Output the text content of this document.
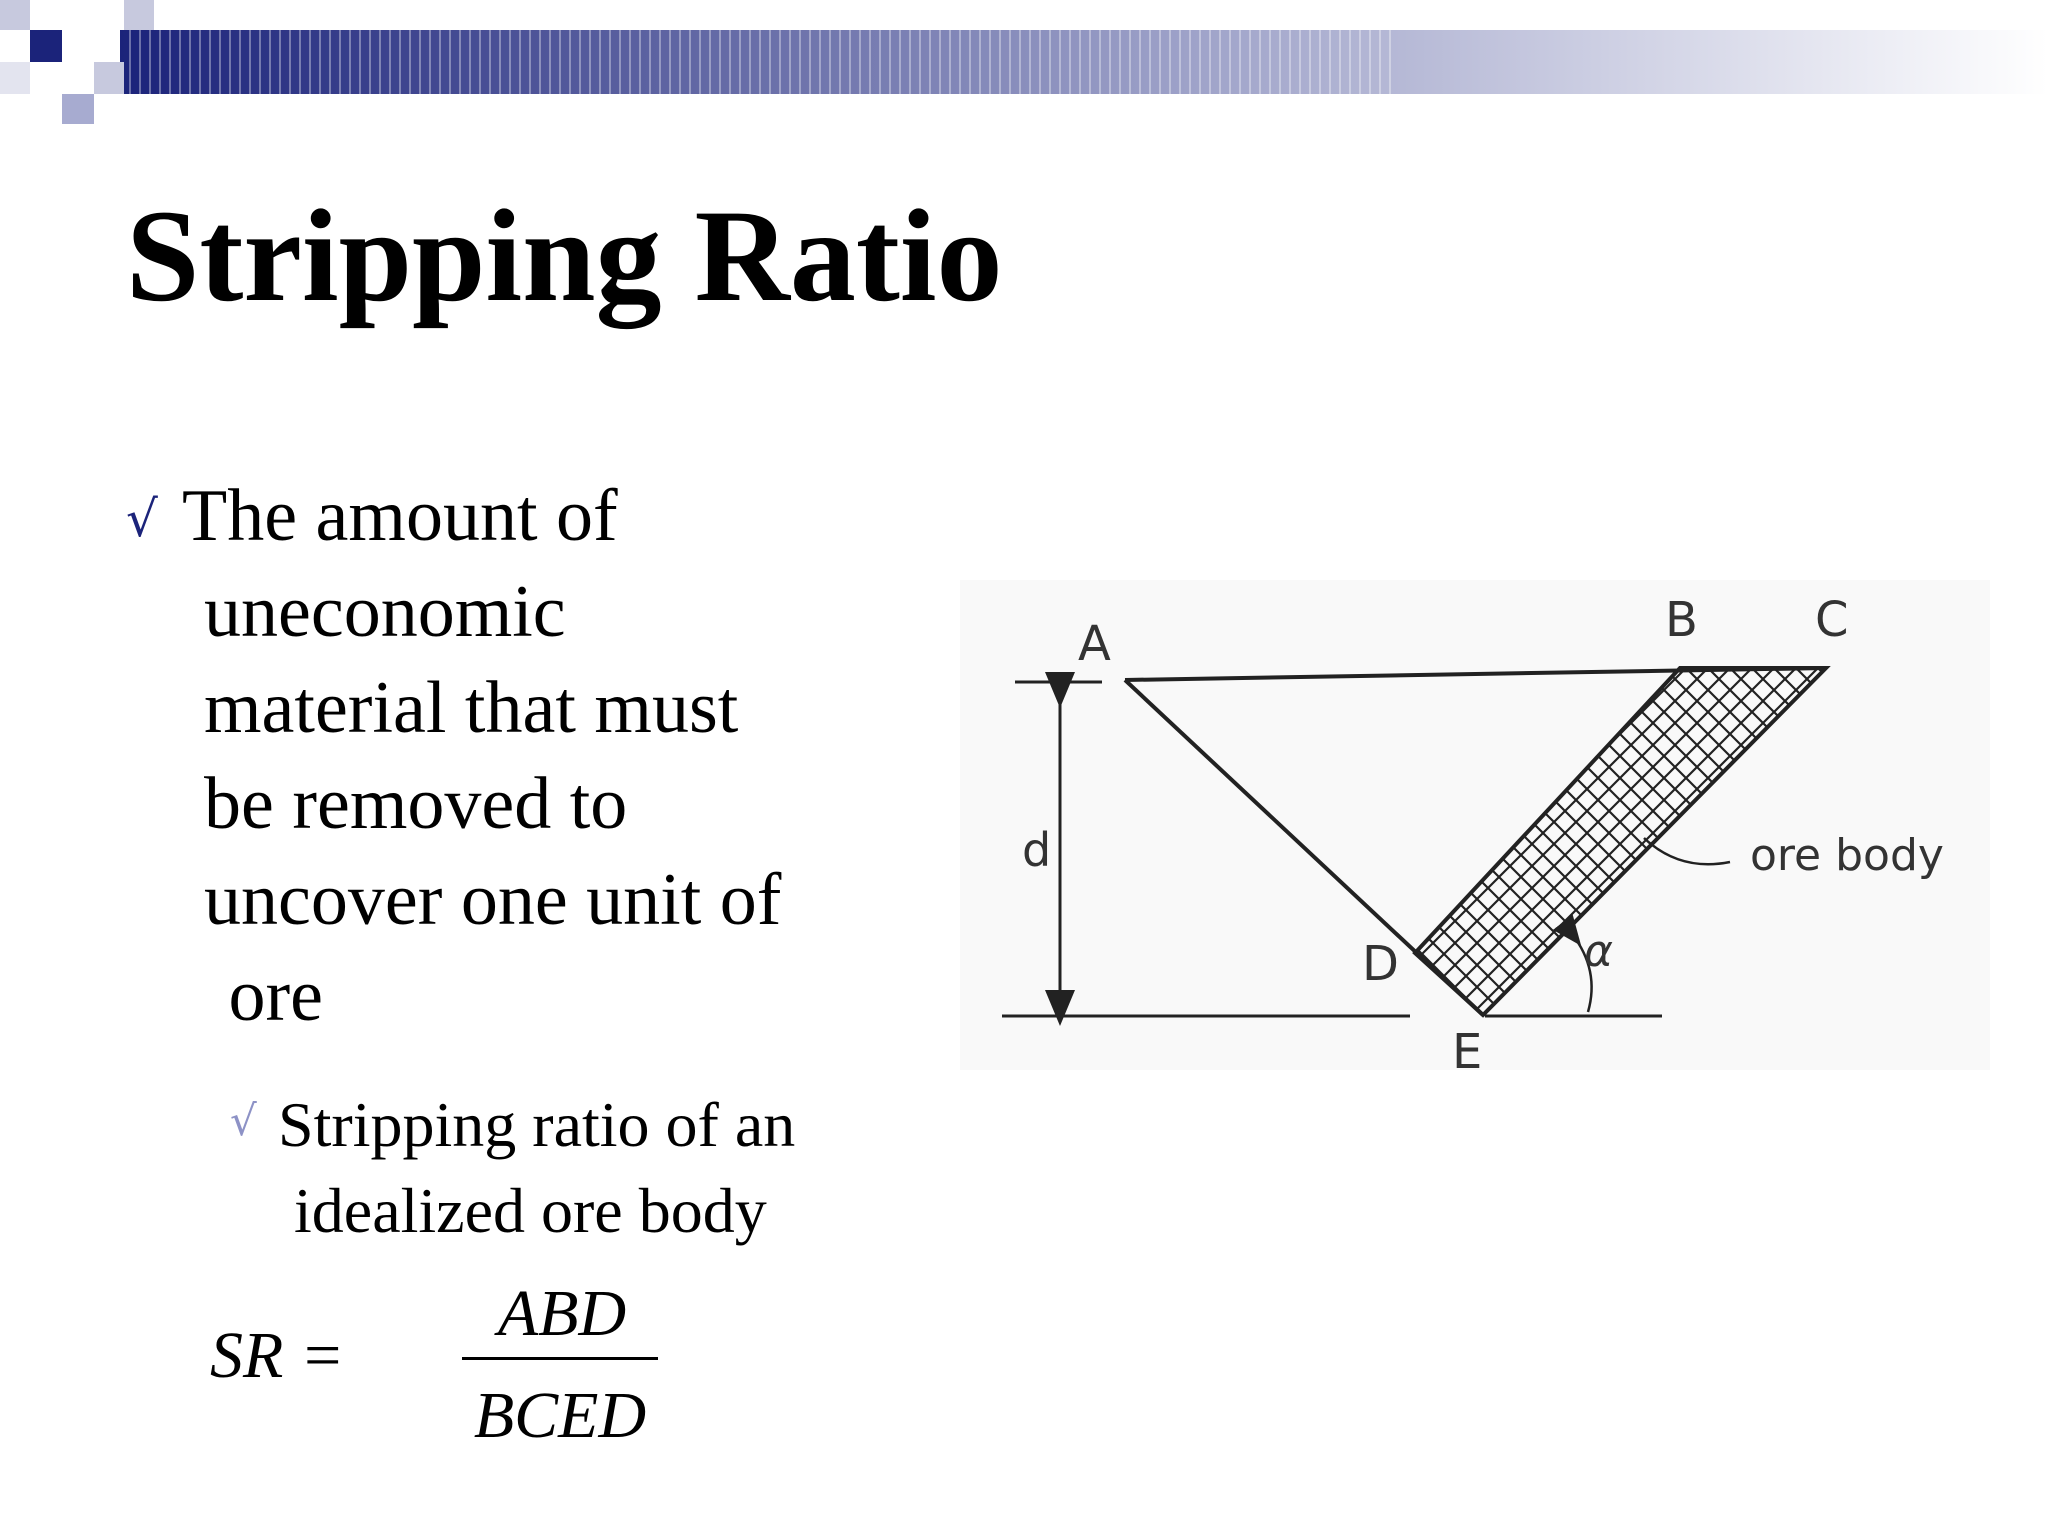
Stripping Ratio
√ The amount of
uneconomic
material that must
be removed to
uncover one unit of
ore
√ Stripping ratio of an
idealized ore body
SR =
ABD
BCED
A	B C
D
E
d	ore body
α
